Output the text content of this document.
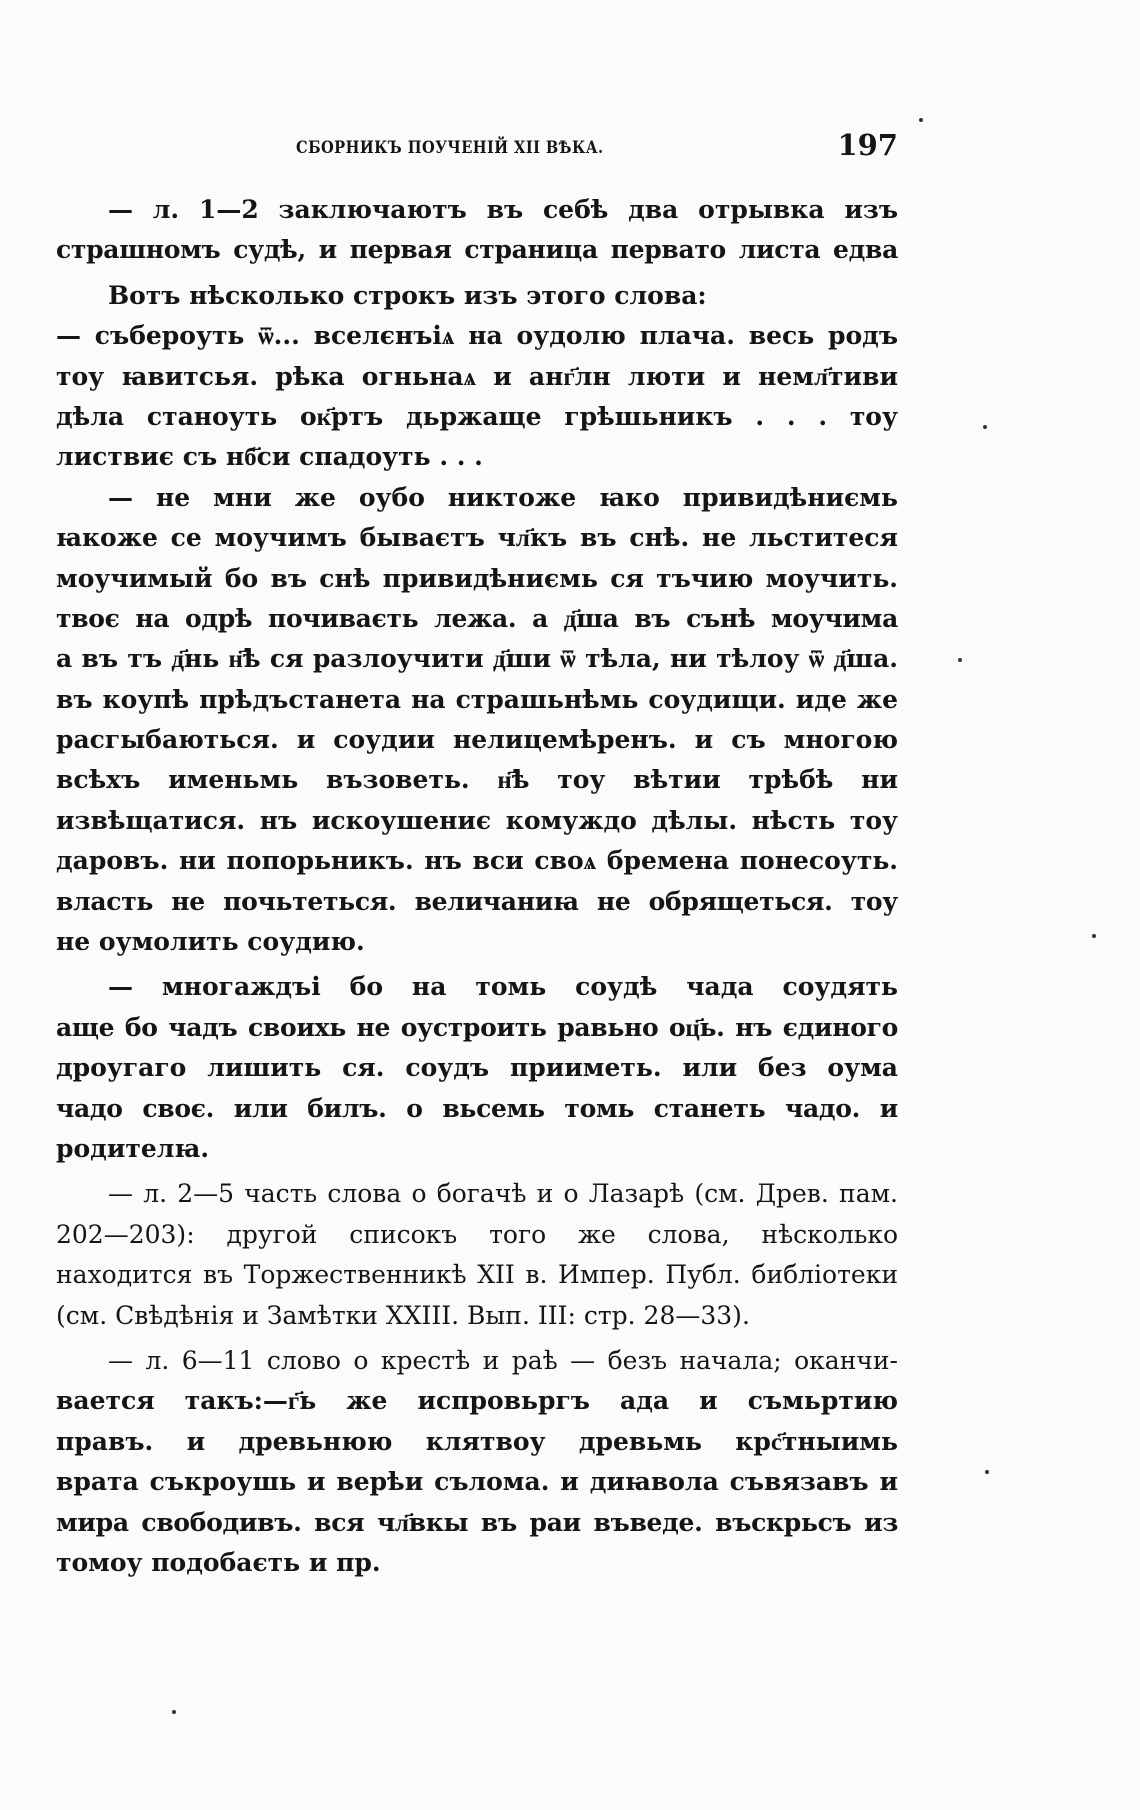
СБОРНИКЪ ПОУЧЕНІЙ XII ВѢКА.	197
— л. 1—2 заключаютъ въ себѣ два отрывка изъ
страшномъ судѣ, и первая страница первато листа едва
Вотъ нѣсколько строкъ изъ этого слова:
— събероуть ѿ... вселєнъіѧ на оудолю плача. весь родъ
тоу ꙗвитсья. рѣка огньнаѧ и анг҃лн люти и немл҃тиви
дѣла станоуть ок҃ртъ дьржаще грѣшьникъ . . . тоу
листвиє съ нб҃си спадоуть . . .
— не мни же оубо никтоже ꙗко привидѣниємь
ꙗкоже се моучимъ бываєтъ чл҃къ въ снѣ. не льститеся
моучимый бо въ снѣ привидѣниємь ся тъчию моучить.
твоє на одрѣ почиваєть лежа. а д҃ша въ сънѣ моучима
а въ тъ д҃нь н҃ѣ ся разлоучити д҃ши ѿ тѣла, ни тѣлоу ѿ д҃ша.
въ коупѣ прѣдъстанета на страшьнѣмь соудищи. иде же
расгыбаються. и соудии нелицемѣренъ. и съ многою
всѣхъ именьмь възоветь. н҃ѣ тоу вѣтии трѣбѣ ни
извѣщатися. нъ искоушениє комуждо дѣлы. нѣсть тоу
даровъ. ни попорьникъ. нъ вси своѧ бремена понесоуть.
власть не почьтеться. величаниꙗ не обрящеться. тоу
не оумолить соудию.
— многаждъі бо на томь соудѣ чада соудять
аще бо чадъ своихь не оустроить равьно оц҃ь. нъ єдиного
дроугаго лишить ся. соудъ прииметь. или без оума
чадо своє. или билъ. о вьсемь томь станеть чадо. и
родителꙗ.
— л. 2—5 часть слова о богачѣ и о Лазарѣ (см. Древ. пам.
202—203): другой списокъ того же слова, нѣсколько
находится въ Торжественникѣ XII в. Импер. Публ. библіотеки
(см. Свѣдѣнія и Замѣтки XXIII. Вып. III: стр. 28—33).
— л. 6—11 слово о крестѣ и раѣ — безъ начала; оканчи-
вается такъ:—г҃ь же испровьргъ ада и съмьртию
правъ. и древьнюю клятвоу древьмь крс҃тныимь
врата съкроушь и верѣи сълома. и диꙗвола съвязавъ и
мира свободивъ. вся чл҃вкы въ раи въведе. въскрьсъ из
томоу подобаєть и пр.
